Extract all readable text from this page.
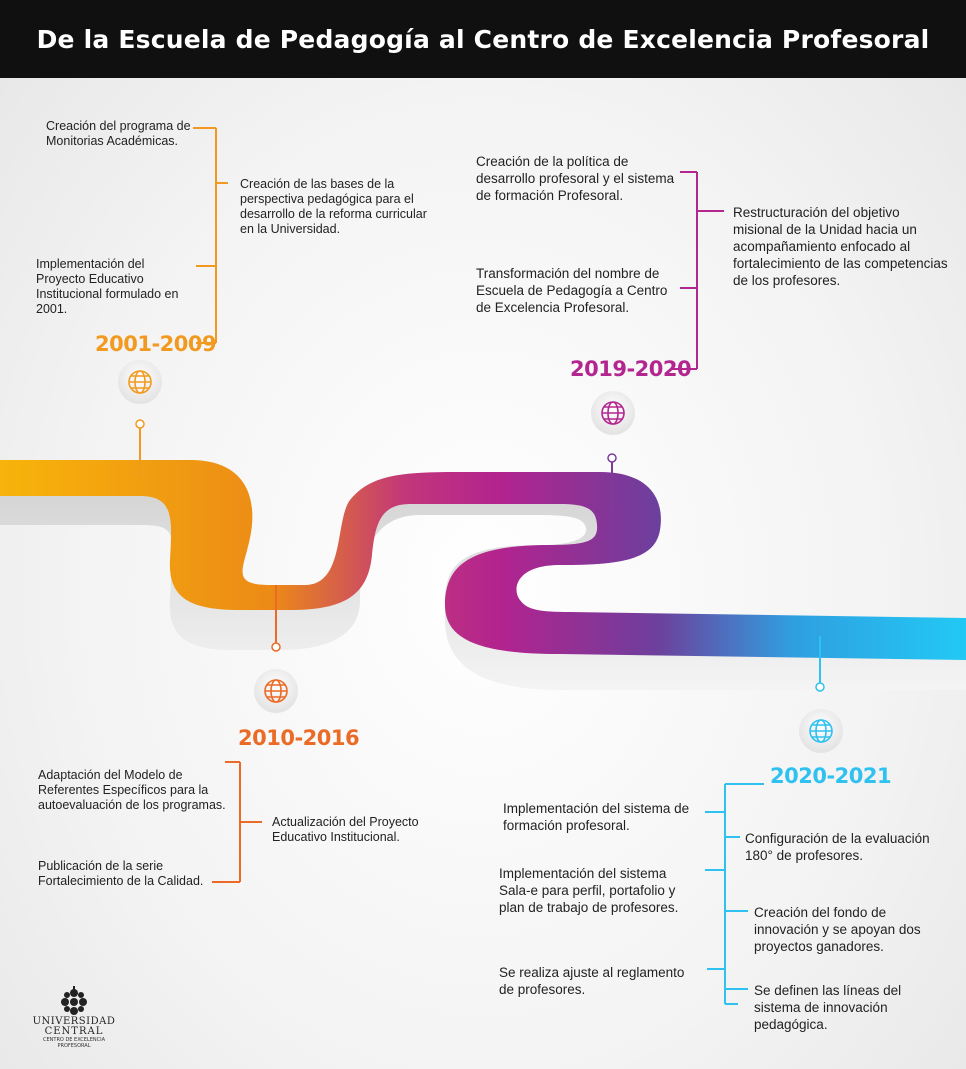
De la Escuela de Pedagogía al Centro de Excelencia Profesoral
2001-2009

Creación del programa de Monitorias Académicas.

Creación de las bases de la perspectiva pedagógica para el desarrollo de la reforma curricular en la Universidad.

Implementación del Proyecto Educativo Institucional formulado en 2001.

2010-2016

Adaptación del Modelo de Referentes Específicos para la autoevaluación de los programas.

Actualización del Proyecto Educativo Institucional.

Publicación de la serie Fortalecimiento de la Calidad.

2019-2020

Creación de la política de desarrollo profesoral y el sistema de formación Profesoral.

Restructuración del objetivo misional de la Unidad hacia un acompañamiento enfocado al fortalecimiento de las competencias de los profesores.

Transformación del nombre de Escuela de Pedagogía a Centro de Excelencia Profesoral.

2020-2021

Implementación del sistema de formación profesoral.

Configuración de la evaluación 180° de profesores.

Implementación del sistema Sala-e para perfil, portafolio y plan de trabajo de profesores.	Creación del fondo de innovación y se apoyan dos proyectos ganadores.

Se realiza ajuste al reglamento de profesores.	Se definen las líneas del sistema de innovación pedagógica.

UNIVERSIDAD
CENTRAL
CENTRO DE EXCELENCIA
PROFESORAL
